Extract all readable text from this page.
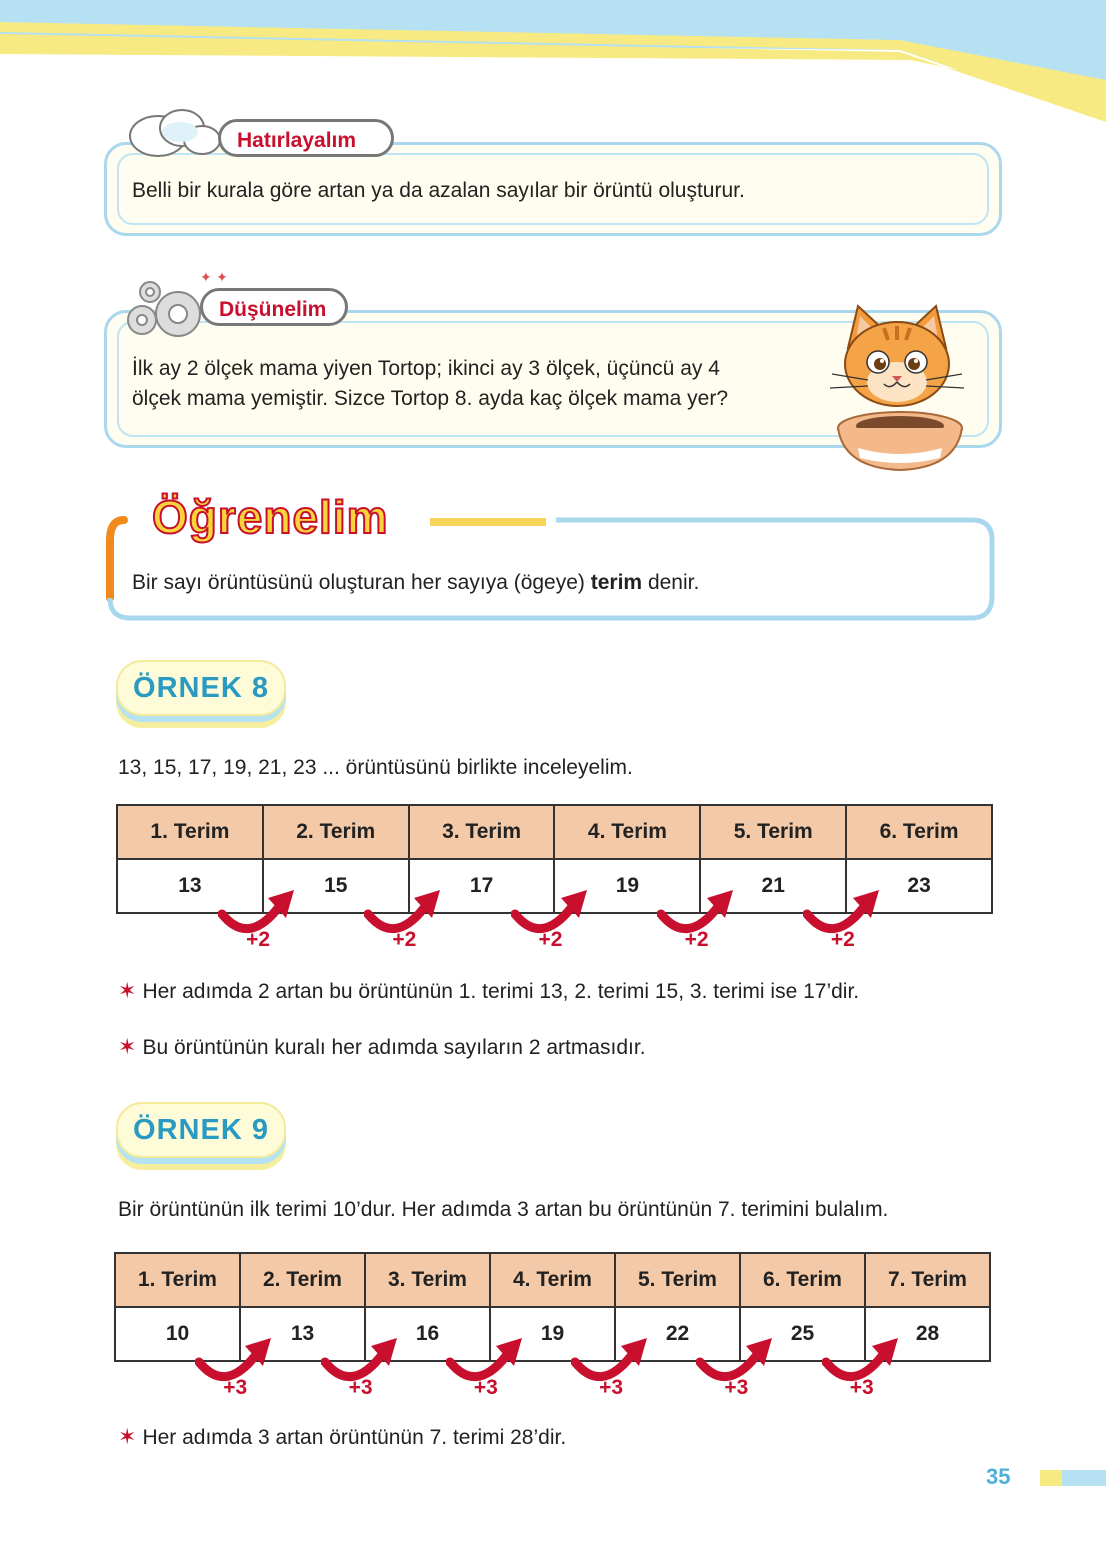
Hatırlayalım
Belli bir kurala göre artan ya da azalan sayılar bir örüntü oluşturur.
✦ ✦
Düşünelim
İlk ay 2 ölçek mama yiyen Tortop; ikinci ay 3 ölçek, üçüncü ay 4
ölçek mama yemiştir. Sizce Tortop 8. ayda kaç ölçek mama yer?
Öğrenelim
Bir sayı örüntüsünü oluşturan her sayıya (ögeye) terim denir.
ÖRNEK 8
13, 15, 17, 19, 21, 23 ... örüntüsünü birlikte inceleyelim.
1. Terim	2. Terim	3. Terim	4. Terim	5. Terim	6. Terim
13	15	17	19	21	23
+2	+2	+2	+2	+2
✶ Her adımda 2 artan bu örüntünün 1. terimi 13, 2. terimi 15, 3. terimi ise 17’dir.
✶ Bu örüntünün kuralı her adımda sayıların 2 artmasıdır.
ÖRNEK 9
Bir örüntünün ilk terimi 10’dur. Her adımda 3 artan bu örüntünün 7. terimini bulalım.
1. Terim	2. Terim	3. Terim	4. Terim	5. Terim	6. Terim	7. Terim
10	13	16	19	22	25	28
+3	+3	+3	+3	+3	+3
✶ Her adımda 3 artan örüntünün 7. terimi 28’dir.
35
